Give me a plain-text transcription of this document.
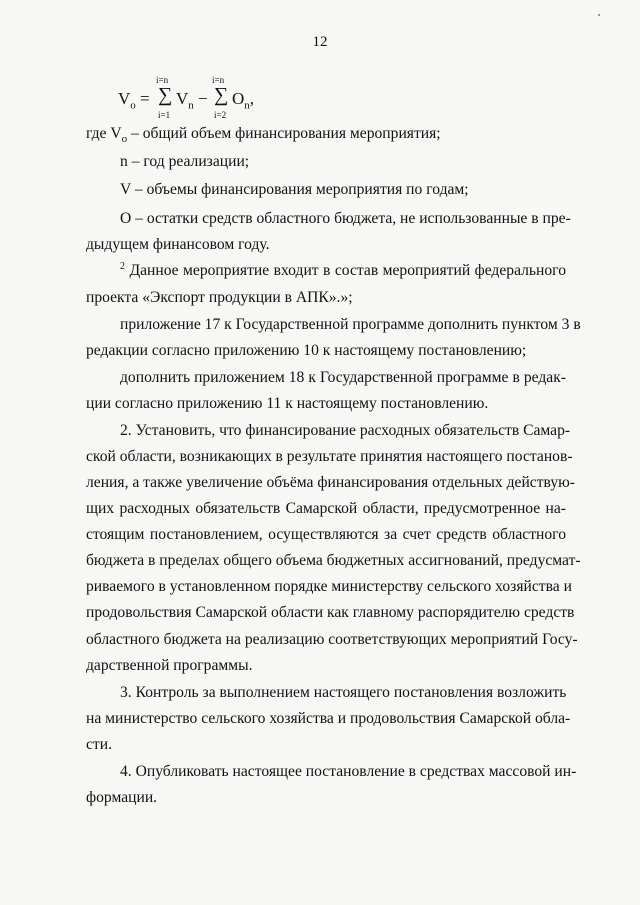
12
$V_o$ =
i=n
∑
i=1
$V_n$ −
i=n
∑
i=2
$O_n$,
где $V_o$ – общий объем финансирования мероприятия;
n – год реализации;
V – объемы финансирования мероприятия по годам;
O – остатки средств областного бюджета, не использованные в пре-
дыдущем финансовом году.
$^2$ Данное мероприятие входит в состав мероприятий федерального
проекта «Экспорт продукции в АПК».»;
приложение 17 к Государственной программе дополнить пунктом 3 в
редакции согласно приложению 10 к настоящему постановлению;
дополнить приложением 18 к Государственной программе в редак-
ции согласно приложению 11 к настоящему постановлению.
2. Установить, что финансирование расходных обязательств Самар-
ской области, возникающих в результате принятия настоящего постанов-
ления, а также увеличение объёма финансирования отдельных действую-
щих расходных обязательств Самарской области, предусмотренное на-
стоящим постановлением, осуществляются за счет средств областного
бюджета в пределах общего объема бюджетных ассигнований, предусмат-
риваемого в установленном порядке министерству сельского хозяйства и
продовольствия Самарской области как главному распорядителю средств
областного бюджета на реализацию соответствующих мероприятий Госу-
дарственной программы.
3. Контроль за выполнением настоящего постановления возложить
на министерство сельского хозяйства и продовольствия Самарской обла-
сти.
4. Опубликовать настоящее постановление в средствах массовой ин-
формации.
